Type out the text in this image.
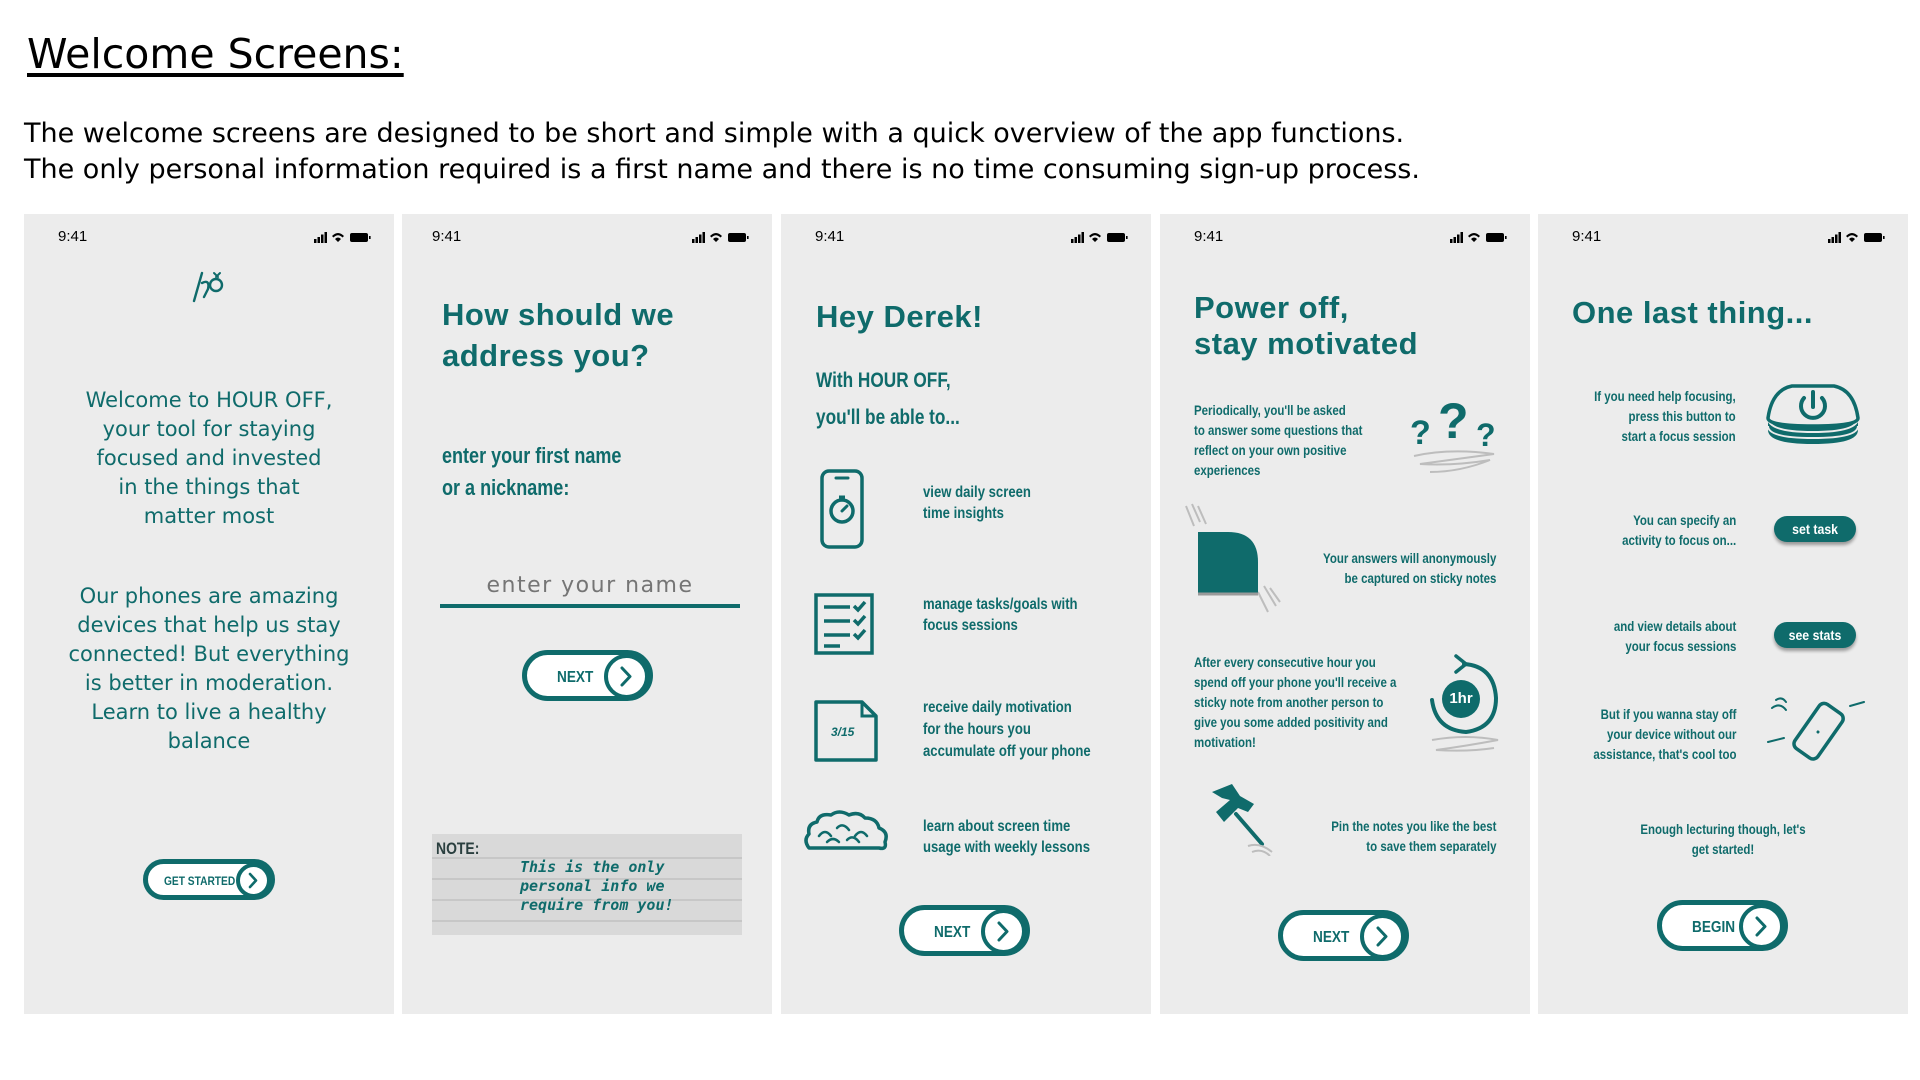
Welcome Screens:
The welcome screens are designed to be short and simple with a quick overview of the app functions.
The only personal information required is a first name and there is no time consuming sign-up process.
9:41
Welcome to HOUR OFF,
your tool for staying
focused and invested
in the things that
matter most
Our phones are amazing
devices that help us stay
connected! But everything
is better in moderation.
Learn to live a healthy
balance
GET STARTED
9:41
How should we
address you?
enter your first name
or a nickname:
enter your name
NEXT
NOTE:
This is the only
personal info we
require from you!
9:41
Hey Derek!
With HOUR OFF,
you'll be able to...
view daily screen
time insights
manage tasks/goals with
focus sessions
3/15
receive daily motivation
for the hours you
accumulate off your phone
learn about screen time
usage with weekly lessons
NEXT
9:41
Power off,
stay motivated
Periodically, you'll be asked
to answer some questions that
reflect on your own positive
experiences
? ? ?
Your answers will anonymously
be captured on sticky notes
After every consecutive hour you
spend off your phone you'll receive a
sticky note from another person to
give you some added positivity and
motivation!
1hr
Pin the notes you like the best
to save them separately
NEXT
9:41
One last thing...
If you need help focusing,
press this button to
start a focus session
You can specify an
activity to focus on...
set task
and view details about
your focus sessions
see stats
But if you wanna stay off
your device without our
assistance, that's cool too
Enough lecturing though, let's
get started!
BEGIN
